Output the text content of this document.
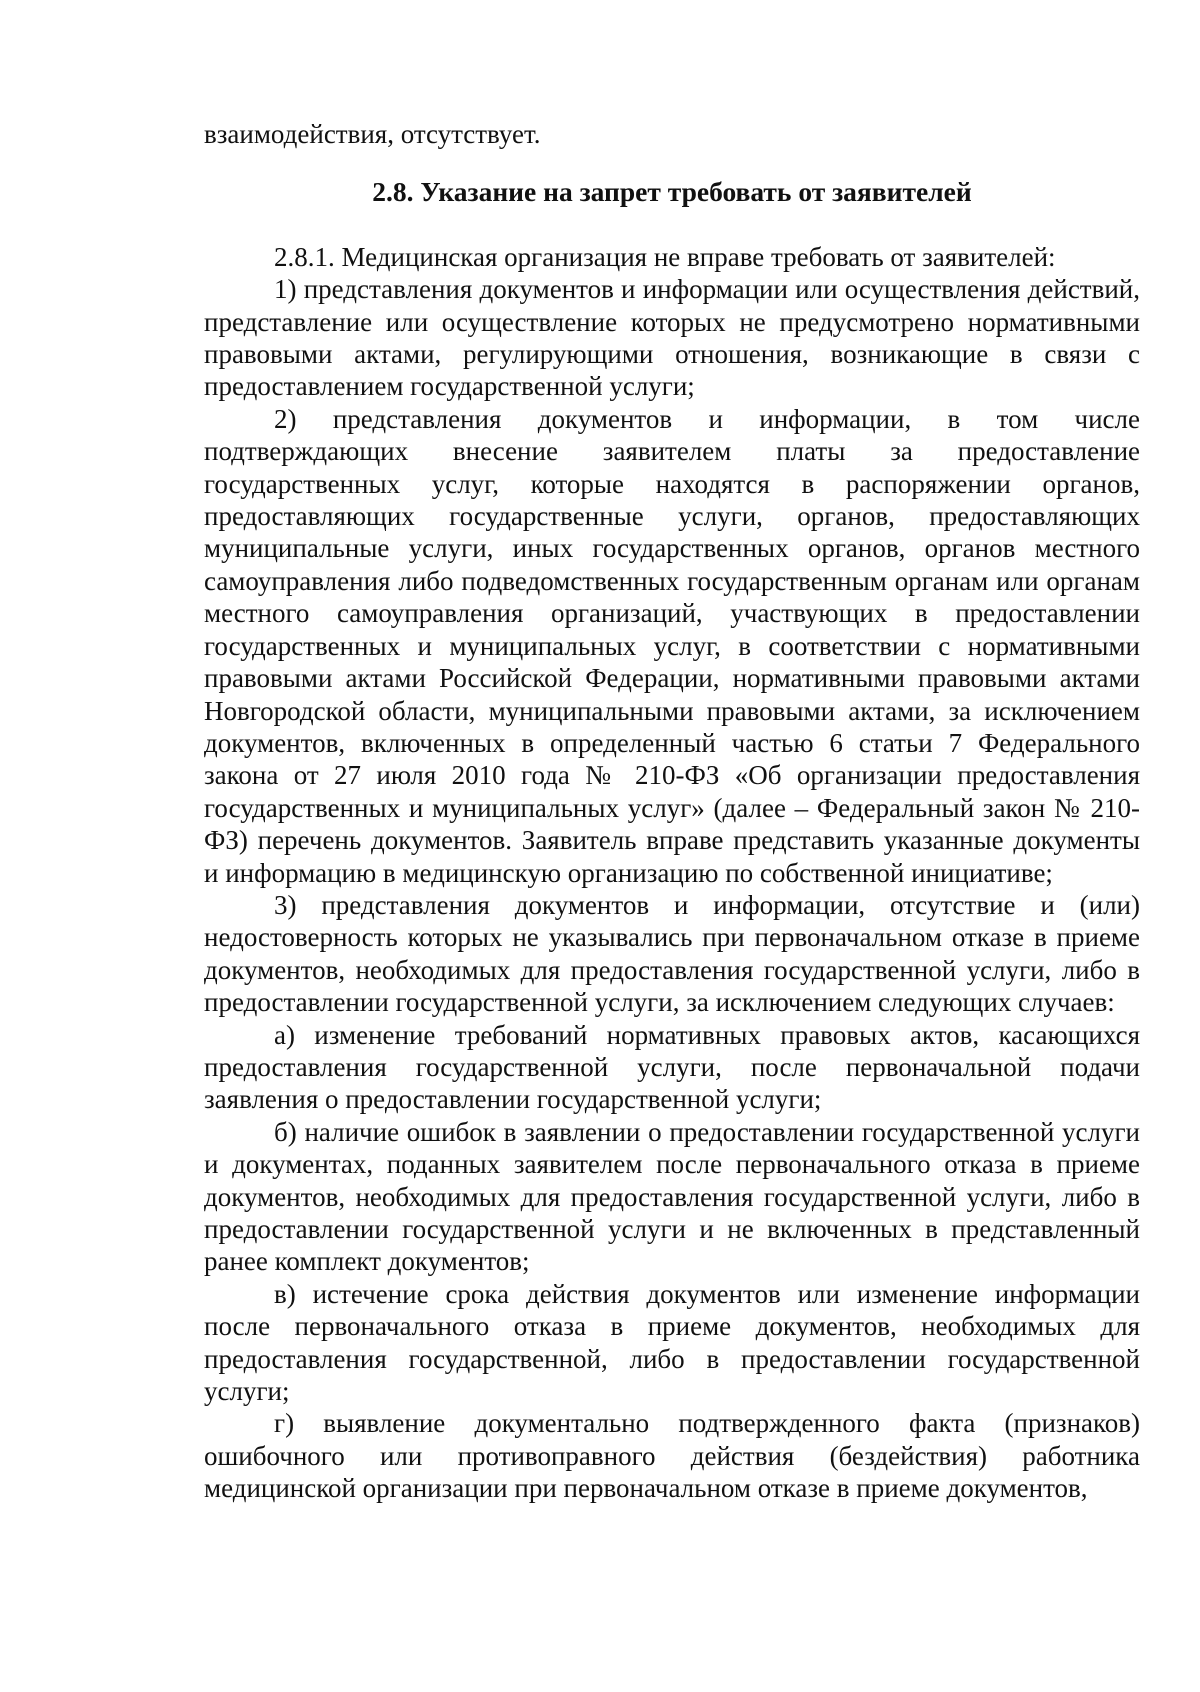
взаимодействия, отсутствует.

2.8. Указание на запрет требовать от заявителей

2.8.1. Медицинская организация не вправе требовать от заявителей:

1) представления документов и информации или осуществления действий, представление или осуществление которых не предусмотрено нормативными правовыми актами, регулирующими отношения, возникающие в связи с предоставлением государственной услуги;

2) представления документов и информации, в том числе подтверждающих внесение заявителем платы за предоставление государственных услуг, которые находятся в распоряжении органов, предоставляющих государственные услуги, органов, предоставляющих муниципальные услуги, иных государственных органов, органов местного самоуправления либо подведомственных государственным органам или органам местного самоуправления организаций, участвующих в предоставлении государственных и муниципальных услуг, в соответствии с нормативными правовыми актами Российской Федерации, нормативными правовыми актами Новгородской области, муниципальными правовыми актами, за исключением документов, включенных в определенный частью 6 статьи 7 Федерального закона от 27 июля 2010 года № 210-ФЗ «Об организации предоставления государственных и муниципальных услуг» (далее – Федеральный закон № 210-ФЗ) перечень документов. Заявитель вправе представить указанные документы и информацию в медицинскую организацию по собственной инициативе;

3) представления документов и информации, отсутствие и (или) недостоверность которых не указывались при первоначальном отказе в приеме документов, необходимых для предоставления государственной услуги, либо в предоставлении государственной услуги, за исключением следующих случаев:

а) изменение требований нормативных правовых актов, касающихся предоставления государственной услуги, после первоначальной подачи заявления о предоставлении государственной услуги;

б) наличие ошибок в заявлении о предоставлении государственной услуги и документах, поданных заявителем после первоначального отказа в приеме документов, необходимых для предоставления государственной услуги, либо в предоставлении государственной услуги и не включенных в представленный ранее комплект документов;

в) истечение срока действия документов или изменение информации после первоначального отказа в приеме документов, необходимых для предоставления государственной, либо в предоставлении государственной услуги;

г) выявление документально подтвержденного факта (признаков) ошибочного или противоправного действия (бездействия) работника медицинской организации при первоначальном отказе в приеме документов,
